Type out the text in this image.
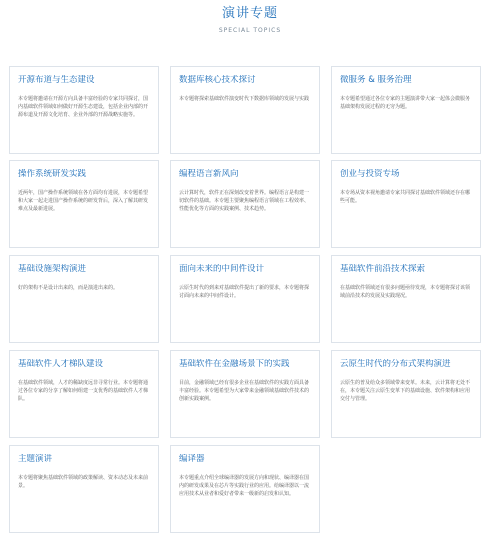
演讲专题
SPECIAL TOPICS
开源布道与生态建设
本专题将邀请在开源方向具备丰富经验的专家共同探讨，国内基础软件领域如何做好开源生态建设，包括企业内部的开源布道及开源文化培育、企业外部的开源战略实施等。
数据库核心技术探讨
本专题将探索基础软件演变时代下数据库领域的发展与实践
微服务 & 服务治理
本专题希望通过各位专家的主题演讲带大家一起体会微服务基础架构发展过程的无穷为题。
操作系统研发实践
近两年，国产操作系统领域在各方面均有进展，本专题希望和大家一起走进国产操作系统的研发背后，深入了解其研发难点及最新进展。
编程语言新风向
云计算时代，软件正在深刻改变着世界。编程语言是构建一切软件的基础。本专题主要聚焦编程语言领域在工程效率、性能优化等方面的实践案例、技术趋势。
创业与投资专场
本专场从资本视角邀请专家共同探讨基础软件领域还存在哪些可能。
基础设施架构演进
好的架构不是设计出来的，而是演进出来的。
面向未来的中间件设计
云原生时代的到来对基础软件提出了新的要求，本专题将探讨面向未来的中间件设计。
基础软件前沿技术探索
在基础软件领域还有很多问题亟待发现，本专题将探讨该领域前沿技术的发展及实践现况。
基础软件人才梯队建设
在基础软件领域，人才的稀缺度远非寻常行业。本专题将通过各位专家的分享了解如何组建一支优秀的基础软件人才梯队。
基础软件在金融场景下的实践
目前，金融领域已经有很多企业在基础软件的实践方面具备丰富经验。本专题希望为大家带来金融领域基础软件技术的创新实践案例。
云原生时代的分布式架构演进
云原生的普及给众多领域带来变革。未来，云计算将无处不在，本专题关注云原生变革下的基础设施、软件架构和应用交付与管理。
主题演讲
本专题将聚焦基础软件领域的政策解读、资本动态及未来前景。
编译器
本专题重点介绍全球编译器的发展方向和现状、编译器在国内的研发成果及在芯片等实践行业的应用。给编译器以一流应用技术从业者和爱好者带来一级新的启发和认知。
